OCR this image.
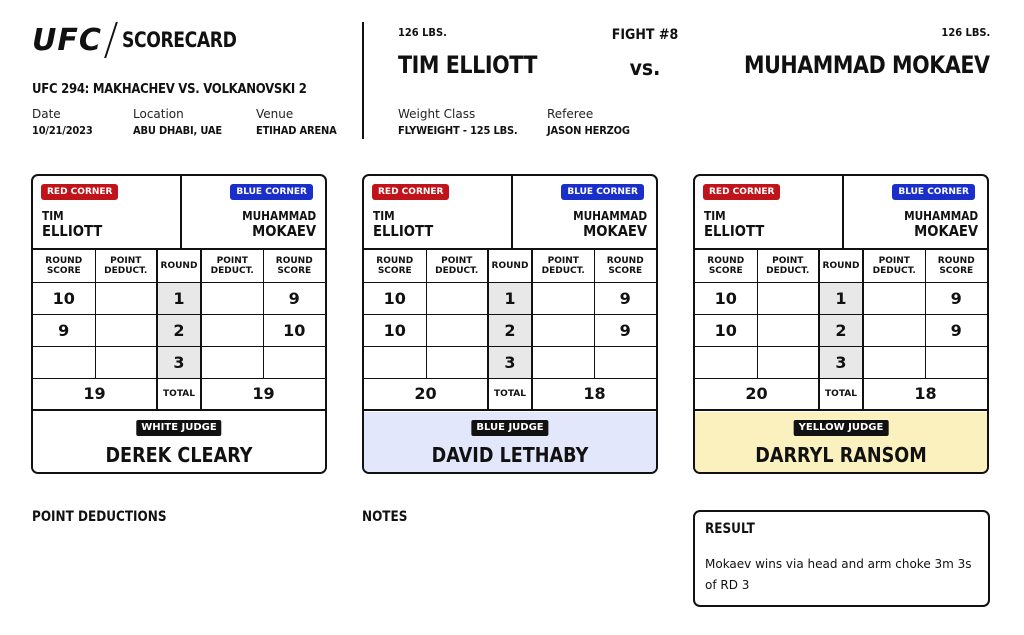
UFC SCORECARD
UFC 294: MAKHACHEV VS. VOLKANOVSKI 2
Date
10/21/2023
Location
ABU DHABI, UAE
Venue
ETIHAD ARENA
126 LBS.	126 LBS.
FIGHT #8
TIM ELLIOTT	vs.	MUHAMMAD MOKAEV
Weight Class
FLYWEIGHT - 125 LBS.
Referee
JASON HERZOG
RED CORNER	BLUE CORNER
TIM
ELLIOTT
MUHAMMAD
MOKAEV
ROUND SCORE	POINT DEDUCT.	ROUND	POINT DEDUCT.	ROUND SCORE
10		1		9
9		2		10
		3		
19		TOTAL	19	
WHITE JUDGE
DEREK CLEARY
RED CORNER	BLUE CORNER
TIM
ELLIOTT
MUHAMMAD
MOKAEV
ROUND SCORE	POINT DEDUCT.	ROUND	POINT DEDUCT.	ROUND SCORE
10		1		9
10		2		9
		3		
20		TOTAL	18	
BLUE JUDGE
DAVID LETHABY
RED CORNER	BLUE CORNER
TIM
ELLIOTT
MUHAMMAD
MOKAEV
ROUND SCORE	POINT DEDUCT.	ROUND	POINT DEDUCT.	ROUND SCORE
10		1		9
10		2		9
		3		
20		TOTAL	18	
YELLOW JUDGE
DARRYL RANSOM
POINT DEDUCTIONS	NOTES
RESULT
Mokaev wins via head and arm choke 3m 3s of RD 3
